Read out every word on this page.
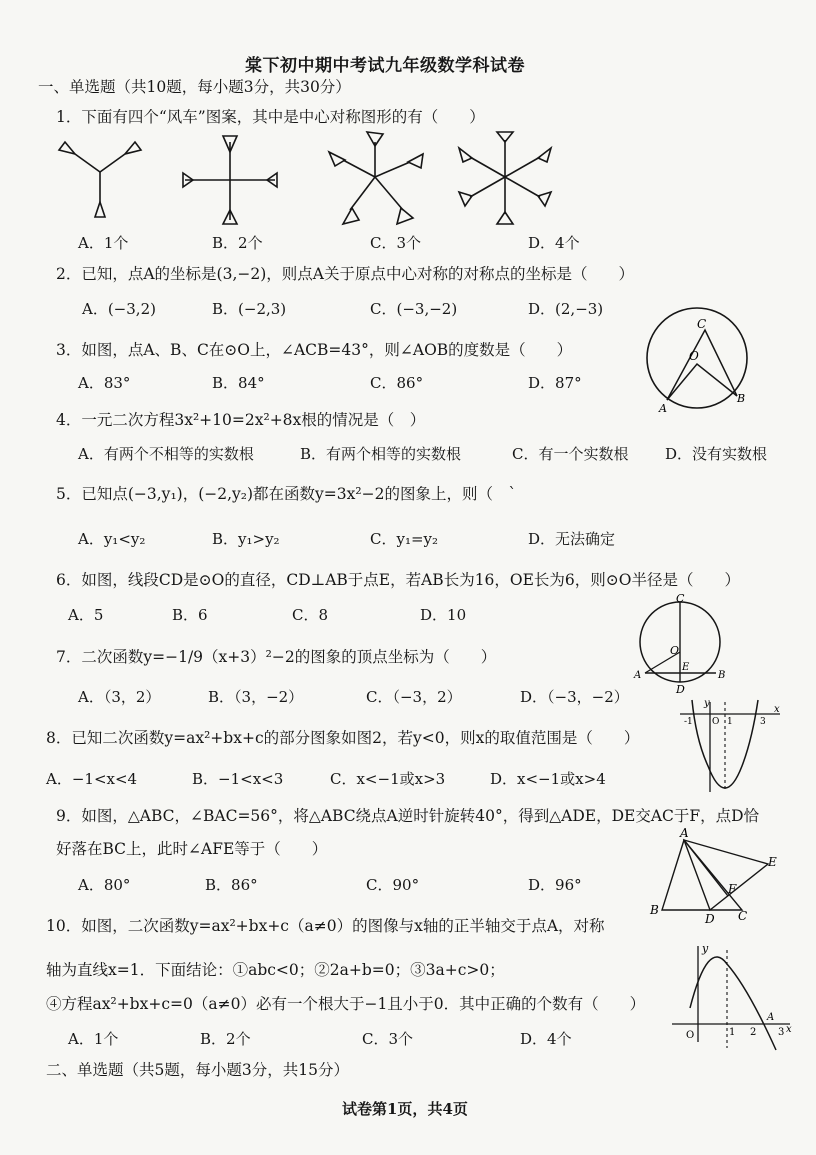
棠下初中期中考试九年级数学科试卷
一、单选题（共10题，每小题3分，共30分）
1．下面有四个“风车”图案，其中是中心对称图形的有（　　）
A．1个	B．2个	C．3个	D．4个
2．已知，点A的坐标是(3,−2)，则点A关于原点中心对称的对称点的坐标是（　　）
A．(−3,2)	B．(−2,3)	C．(−3,−2)	D．(2,−3)
3．如图，点A、B、C在⊙O上，∠ACB=43°，则∠AOB的度数是（　　）
A．83°	B．84°	C．86°	D．87°
C
O
A
B
4．一元二次方程3x²+10=2x²+8x根的情况是（　）
A．有两个不相等的实数根	B．有两个相等的实数根	C．有一个实数根 D．没有实数根
5．已知点(−3,y₁)，(−2,y₂)都在函数y=3x²−2的图象上，则（　`
A．y₁<y₂	B．y₁>y₂	C．y₁=y₂	D．无法确定
6．如图，线段CD是⊙O的直径，CD⊥AB于点E，若AB长为16，OE长为6，则⊙O半径是（　　）
A．5	B．6	C．8	D．10
C
O
E
A	B
D
7．二次函数y=−1/9（x+3）²−2的图象的顶点坐标为（　　）
A．（3，2）	B．（3，−2）	C．（−3，2）	D．（−3，−2）
8．已知二次函数y=ax²+bx+c的部分图象如图2，若y<0，则x的取值范围是（　　）
A．−1<x<4	B．−1<x<3	C．x<−1或x>3	D．x<−1或x>4
y
x
-1 O 1	3
9．如图，△ABC，∠BAC=56°，将△ABC绕点A逆时针旋转40°，得到△ADE，DE交AC于F，点D恰
好落在BC上，此时∠AFE等于（　　）
A．80°	B．86°	C．90°	D．96°
A
E
F
B
D C
10．如图，二次函数y=ax²+bx+c（a≠0）的图像与x轴的正半轴交于点A，对称
轴为直线x=1．下面结论：①abc<0；②2a+b=0；③3a+c>0；
④方程ax²+bx+c=0（a≠0）必有一个根大于−1且小于0．其中正确的个数有（　　）
A．1个	B．2个	C．3个	D．4个
y
x
O	1 2
A
3
二、单选题（共5题，每小题3分，共15分）
试卷第1页，共4页
